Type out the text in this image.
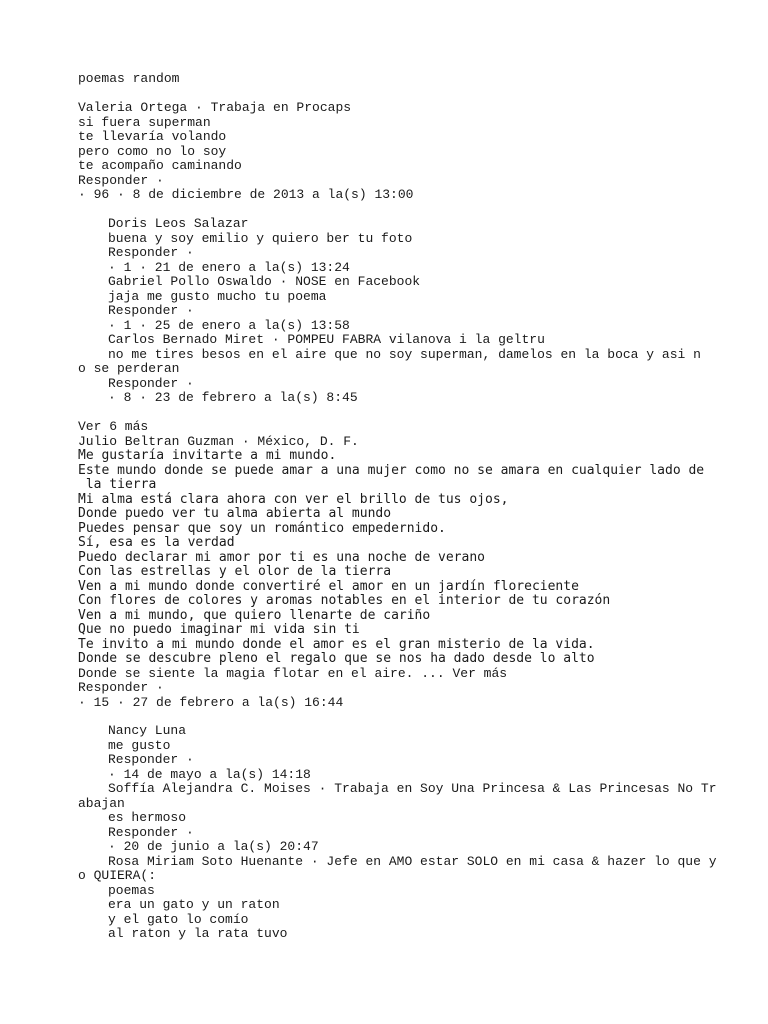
poemas random
Valeria Ortega · Trabaja en Procaps
si fuera superman
te llevaría volando
pero como no lo soy
te acompaño caminando
Responder ·
· 96 · 8 de diciembre de 2013 a la(s) 13:00
Doris Leos Salazar
buena y soy emilio y quiero ber tu foto
Responder ·
· 1 · 21 de enero a la(s) 13:24
Gabriel Pollo Oswaldo · NOSE en Facebook
jaja me gusto mucho tu poema
Responder ·
· 1 · 25 de enero a la(s) 13:58
Carlos Bernado Miret · POMPEU FABRA vilanova i la geltru
no me tires besos en el aire que no soy superman, damelos en la boca y asi n
o se perderan
Responder ·
· 8 · 23 de febrero a la(s) 8:45
Ver 6 más
Julio Beltran Guzman · México, D. F.
Me gustaría invitarte a mi mundo.
Este mundo donde se puede amar a una mujer como no se amara en cualquier lado de
la tierra
Mi alma está clara ahora con ver el brillo de tus ojos,
Donde puedo ver tu alma abierta al mundo
Puedes pensar que soy un romántico empedernido.
Sí, esa es la verdad
Puedo declarar mi amor por ti es una noche de verano
Con las estrellas y el olor de la tierra
Ven a mi mundo donde convertiré el amor en un jardín floreciente
Con flores de colores y aromas notables en el interior de tu corazón
Ven a mi mundo, que quiero llenarte de cariño
Que no puedo imaginar mi vida sin ti
Te invito a mi mundo donde el amor es el gran misterio de la vida.
Donde se descubre pleno el regalo que se nos ha dado desde lo alto
Donde se siente la magia flotar en el aire. ... Ver más
Responder ·
· 15 · 27 de febrero a la(s) 16:44
Nancy Luna
me gusto
Responder ·
· 14 de mayo a la(s) 14:18
Soffía Alejandra C. Moises · Trabaja en Soy Una Princesa & Las Princesas No Tr
abajan
es hermoso
Responder ·
· 20 de junio a la(s) 20:47
Rosa Miriam Soto Huenante · Jefe en AMO estar SOLO en mi casa & hazer lo que y
o QUIERA(:
poemas
era un gato y un raton
y el gato lo comío
al raton y la rata tuvo
